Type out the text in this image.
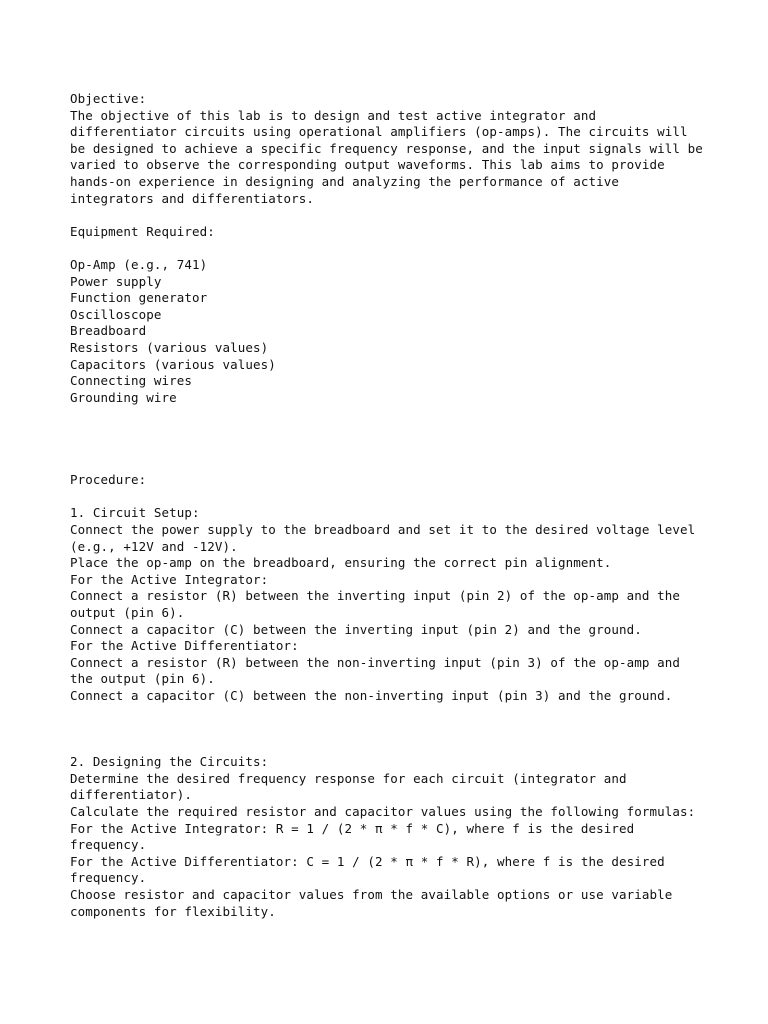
Objective:
The objective of this lab is to design and test active integrator and
differentiator circuits using operational amplifiers (op-amps). The circuits will
be designed to achieve a specific frequency response, and the input signals will be
varied to observe the corresponding output waveforms. This lab aims to provide
hands-on experience in designing and analyzing the performance of active
integrators and differentiators.
Equipment Required:
Op-Amp (e.g., 741)
Power supply
Function generator
Oscilloscope
Breadboard
Resistors (various values)
Capacitors (various values)
Connecting wires
Grounding wire
Procedure:
1. Circuit Setup:
Connect the power supply to the breadboard and set it to the desired voltage level
(e.g., +12V and -12V).
Place the op-amp on the breadboard, ensuring the correct pin alignment.
For the Active Integrator:
Connect a resistor (R) between the inverting input (pin 2) of the op-amp and the
output (pin 6).
Connect a capacitor (C) between the inverting input (pin 2) and the ground.
For the Active Differentiator:
Connect a resistor (R) between the non-inverting input (pin 3) of the op-amp and
the output (pin 6).
Connect a capacitor (C) between the non-inverting input (pin 3) and the ground.
2. Designing the Circuits:
Determine the desired frequency response for each circuit (integrator and
differentiator).
Calculate the required resistor and capacitor values using the following formulas:
For the Active Integrator: R = 1 / (2 * π * f * C), where f is the desired
frequency.
For the Active Differentiator: C = 1 / (2 * π * f * R), where f is the desired
frequency.
Choose resistor and capacitor values from the available options or use variable
components for flexibility.
